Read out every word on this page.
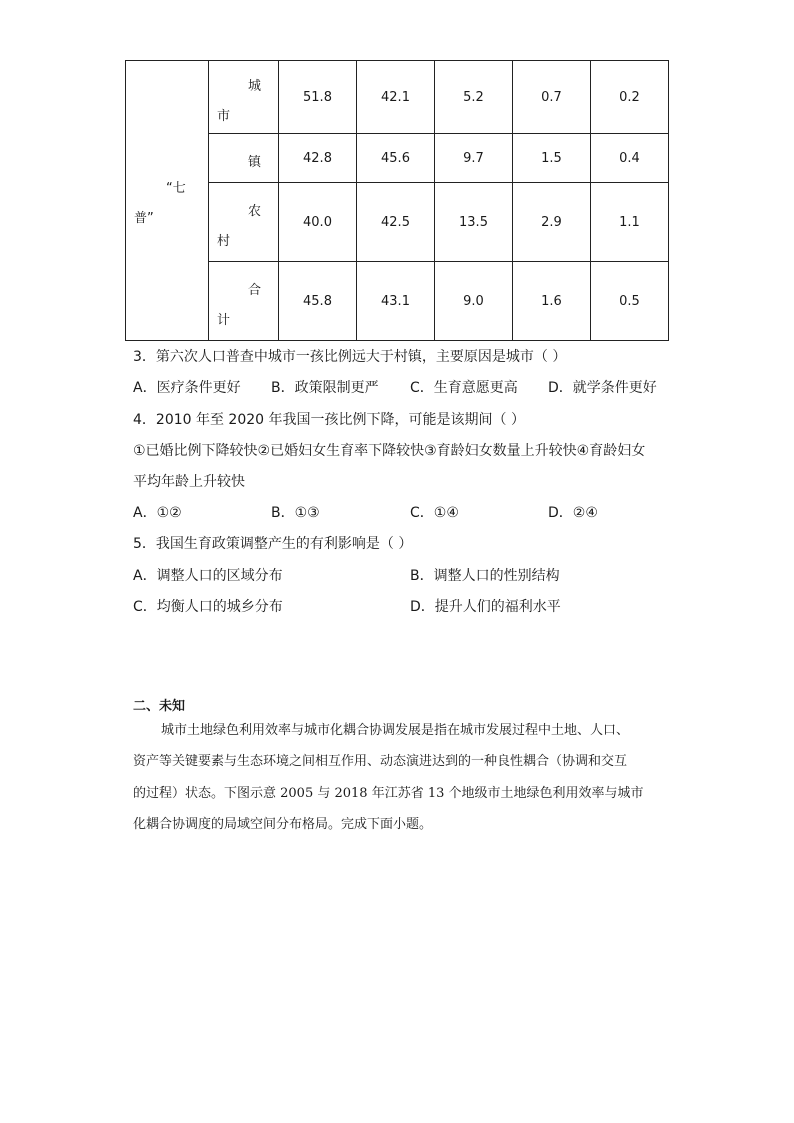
“七
普”	城
市	51.8	42.1	5.2	0.7	0.2

	镇	42.8	45.6	9.7	1.5	0.4

	农
村	40.0	42.5	13.5	2.9	1.1

	合
计	45.8	43.1	9.0	1.6	0.5
3．第六次人口普查中城市一孩比例远大于村镇，主要原因是城市（ ）
A．医疗条件更好 B．政策限制更严 C．生育意愿更高 D．就学条件更好
4．2010 年至 2020 年我国一孩比例下降，可能是该期间（ ）
①已婚比例下降较快②已婚妇女生育率下降较快③育龄妇女数量上升较快④育龄妇女
平均年龄上升较快
A．①②	B．①③	C．①④	D．②④
5．我国生育政策调整产生的有利影响是（ ）
A．调整人口的区域分布	B．调整人口的性别结构
C．均衡人口的城乡分布	D．提升人们的福利水平
二、未知
城市土地绿色利用效率与城市化耦合协调发展是指在城市发展过程中土地、人口、
资产等关键要素与生态环境之间相互作用、动态演进达到的一种良性耦合（协调和交互
的过程）状态。下图示意 2005 与 2018 年江苏省 13 个地级市土地绿色利用效率与城市
化耦合协调度的局域空间分布格局。完成下面小题。
